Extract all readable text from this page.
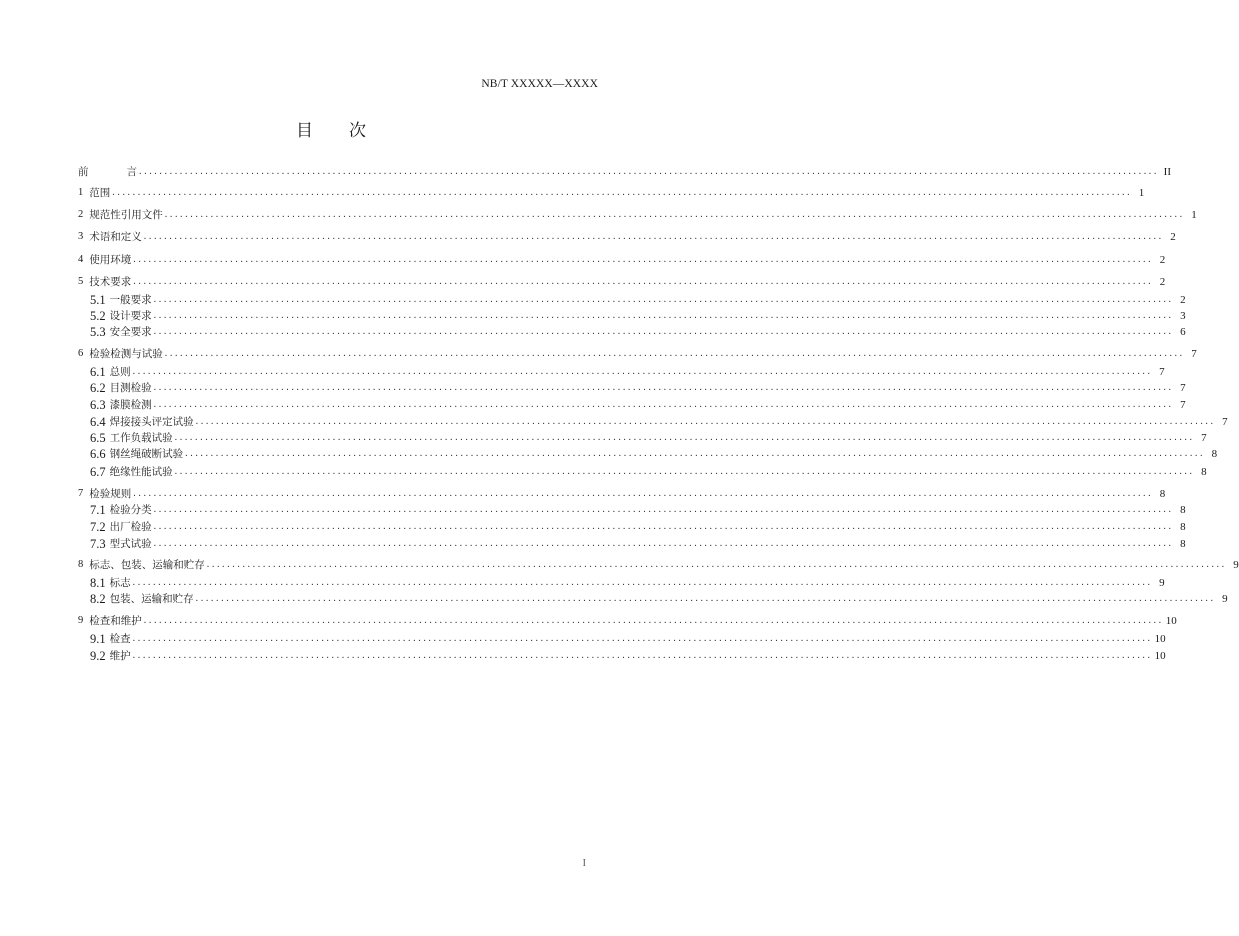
NB/T XXXXX—XXXX
目 次
前	言 ........................................................................................................................................................................................................ II
1 范围 ........................................................................................................................................................................................................ 1
2 规范性引用文件 ........................................................................................................................................................................................................ 1
3 术语和定义 ........................................................................................................................................................................................................ 2
4 使用环境 ........................................................................................................................................................................................................ 2
5 技术要求 ........................................................................................................................................................................................................ 2
5.1 一般要求 ........................................................................................................................................................................................................ 2
5.2 设计要求 ........................................................................................................................................................................................................ 3
5.3 安全要求 ........................................................................................................................................................................................................ 6
6 检验检测与试验 ........................................................................................................................................................................................................ 7
6.1 总则 ........................................................................................................................................................................................................ 7
6.2 目测检验 ........................................................................................................................................................................................................ 7
6.3 漆膜检测 ........................................................................................................................................................................................................ 7
6.4 焊接接头评定试验 ........................................................................................................................................................................................................ 7
6.5 工作负载试验 ........................................................................................................................................................................................................ 7
6.6 钢丝绳破断试验 ........................................................................................................................................................................................................ 8
6.7 绝缘性能试验 ........................................................................................................................................................................................................ 8
7 检验规则 ........................................................................................................................................................................................................ 8
7.1 检验分类 ........................................................................................................................................................................................................ 8
7.2 出厂检验 ........................................................................................................................................................................................................ 8
7.3 型式试验 ........................................................................................................................................................................................................ 8
8 标志、包装、运输和贮存 ........................................................................................................................................................................................................ 9
8.1 标志 ........................................................................................................................................................................................................ 9
8.2 包装、运输和贮存 ........................................................................................................................................................................................................ 9
9 检查和维护 ........................................................................................................................................................................................................ 10
9.1 检查 ........................................................................................................................................................................................................ 10
9.2 维护 ........................................................................................................................................................................................................ 10
I
